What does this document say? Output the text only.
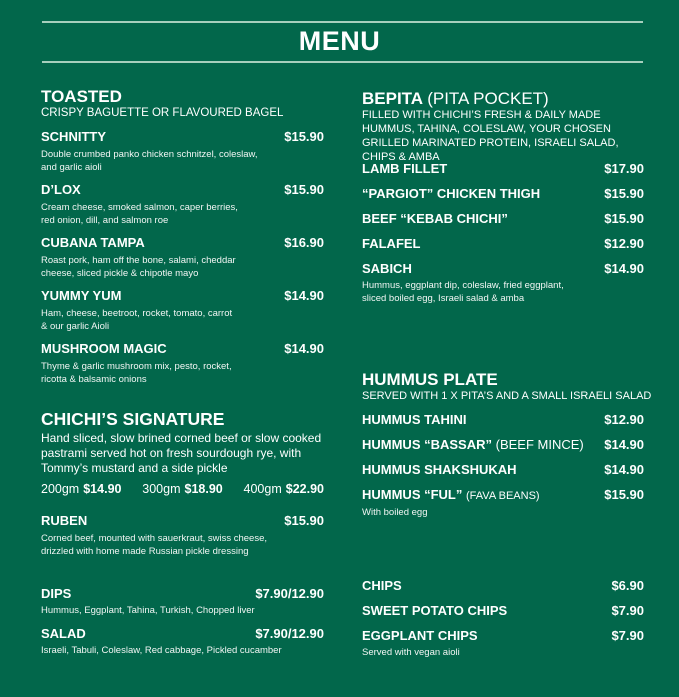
MENU
TOASTED
CRISPY BAGUETTE OR FLAVOURED BAGEL
SCHNITTY	$15.90
Double crumbed panko chicken schnitzel, coleslaw, and garlic aioli
D’LOX	$15.90
Cream cheese, smoked salmon, caper berries, red onion, dill, and salmon roe
CUBANA TAMPA	$16.90
Roast pork, ham off the bone, salami, cheddar cheese, sliced pickle & chipotle mayo
YUMMY YUM	$14.90
Ham, cheese, beetroot, rocket, tomato, carrot & our garlic Aioli
MUSHROOM MAGIC	$14.90
Thyme & garlic mushroom mix, pesto, rocket, ricotta & balsamic onions
CHICHI’S SIGNATURE
Hand sliced, slow brined corned beef or slow cooked pastrami served hot on fresh sourdough rye, with Tommy’s mustard and a side pickle
200gm $14.90 300gm $18.90 400gm $22.90
RUBEN	$15.90
Corned beef, mounted with sauerkraut, swiss cheese, drizzled with home made Russian pickle dressing
DIPS	$7.90/12.90
Hummus, Eggplant, Tahina, Turkish, Chopped liver
SALAD	$7.90/12.90
Israeli, Tabuli, Coleslaw, Red cabbage, Pickled cucamber
BEPITA (PITA POCKET)
FILLED WITH CHICHI’S FRESH & DAILY MADE HUMMUS, TAHINA, COLESLAW, YOUR CHOSEN GRILLED MARINATED PROTEIN, ISRAELI SALAD, CHIPS & AMBA
LAMB FILLET	$17.90
“PARGIOT” CHICKEN THIGH	$15.90
BEEF “KEBAB CHICHI”	$15.90
FALAFEL	$12.90
SABICH	$14.90
Hummus, eggplant dip, coleslaw, fried eggplant, sliced boiled egg, Israeli salad & amba
HUMMUS PLATE
SERVED WITH 1 X PITA’S AND A SMALL ISRAELI SALAD
HUMMUS TAHINI	$12.90
HUMMUS “BASSAR” (BEEF MINCE) $14.90
HUMMUS SHAKSHUKAH	$14.90
HUMMUS “FUL” (FAVA BEANS)	$15.90
With boiled egg
CHIPS	$6.90
SWEET POTATO CHIPS	$7.90
EGGPLANT CHIPS	$7.90
Served with vegan aioli
